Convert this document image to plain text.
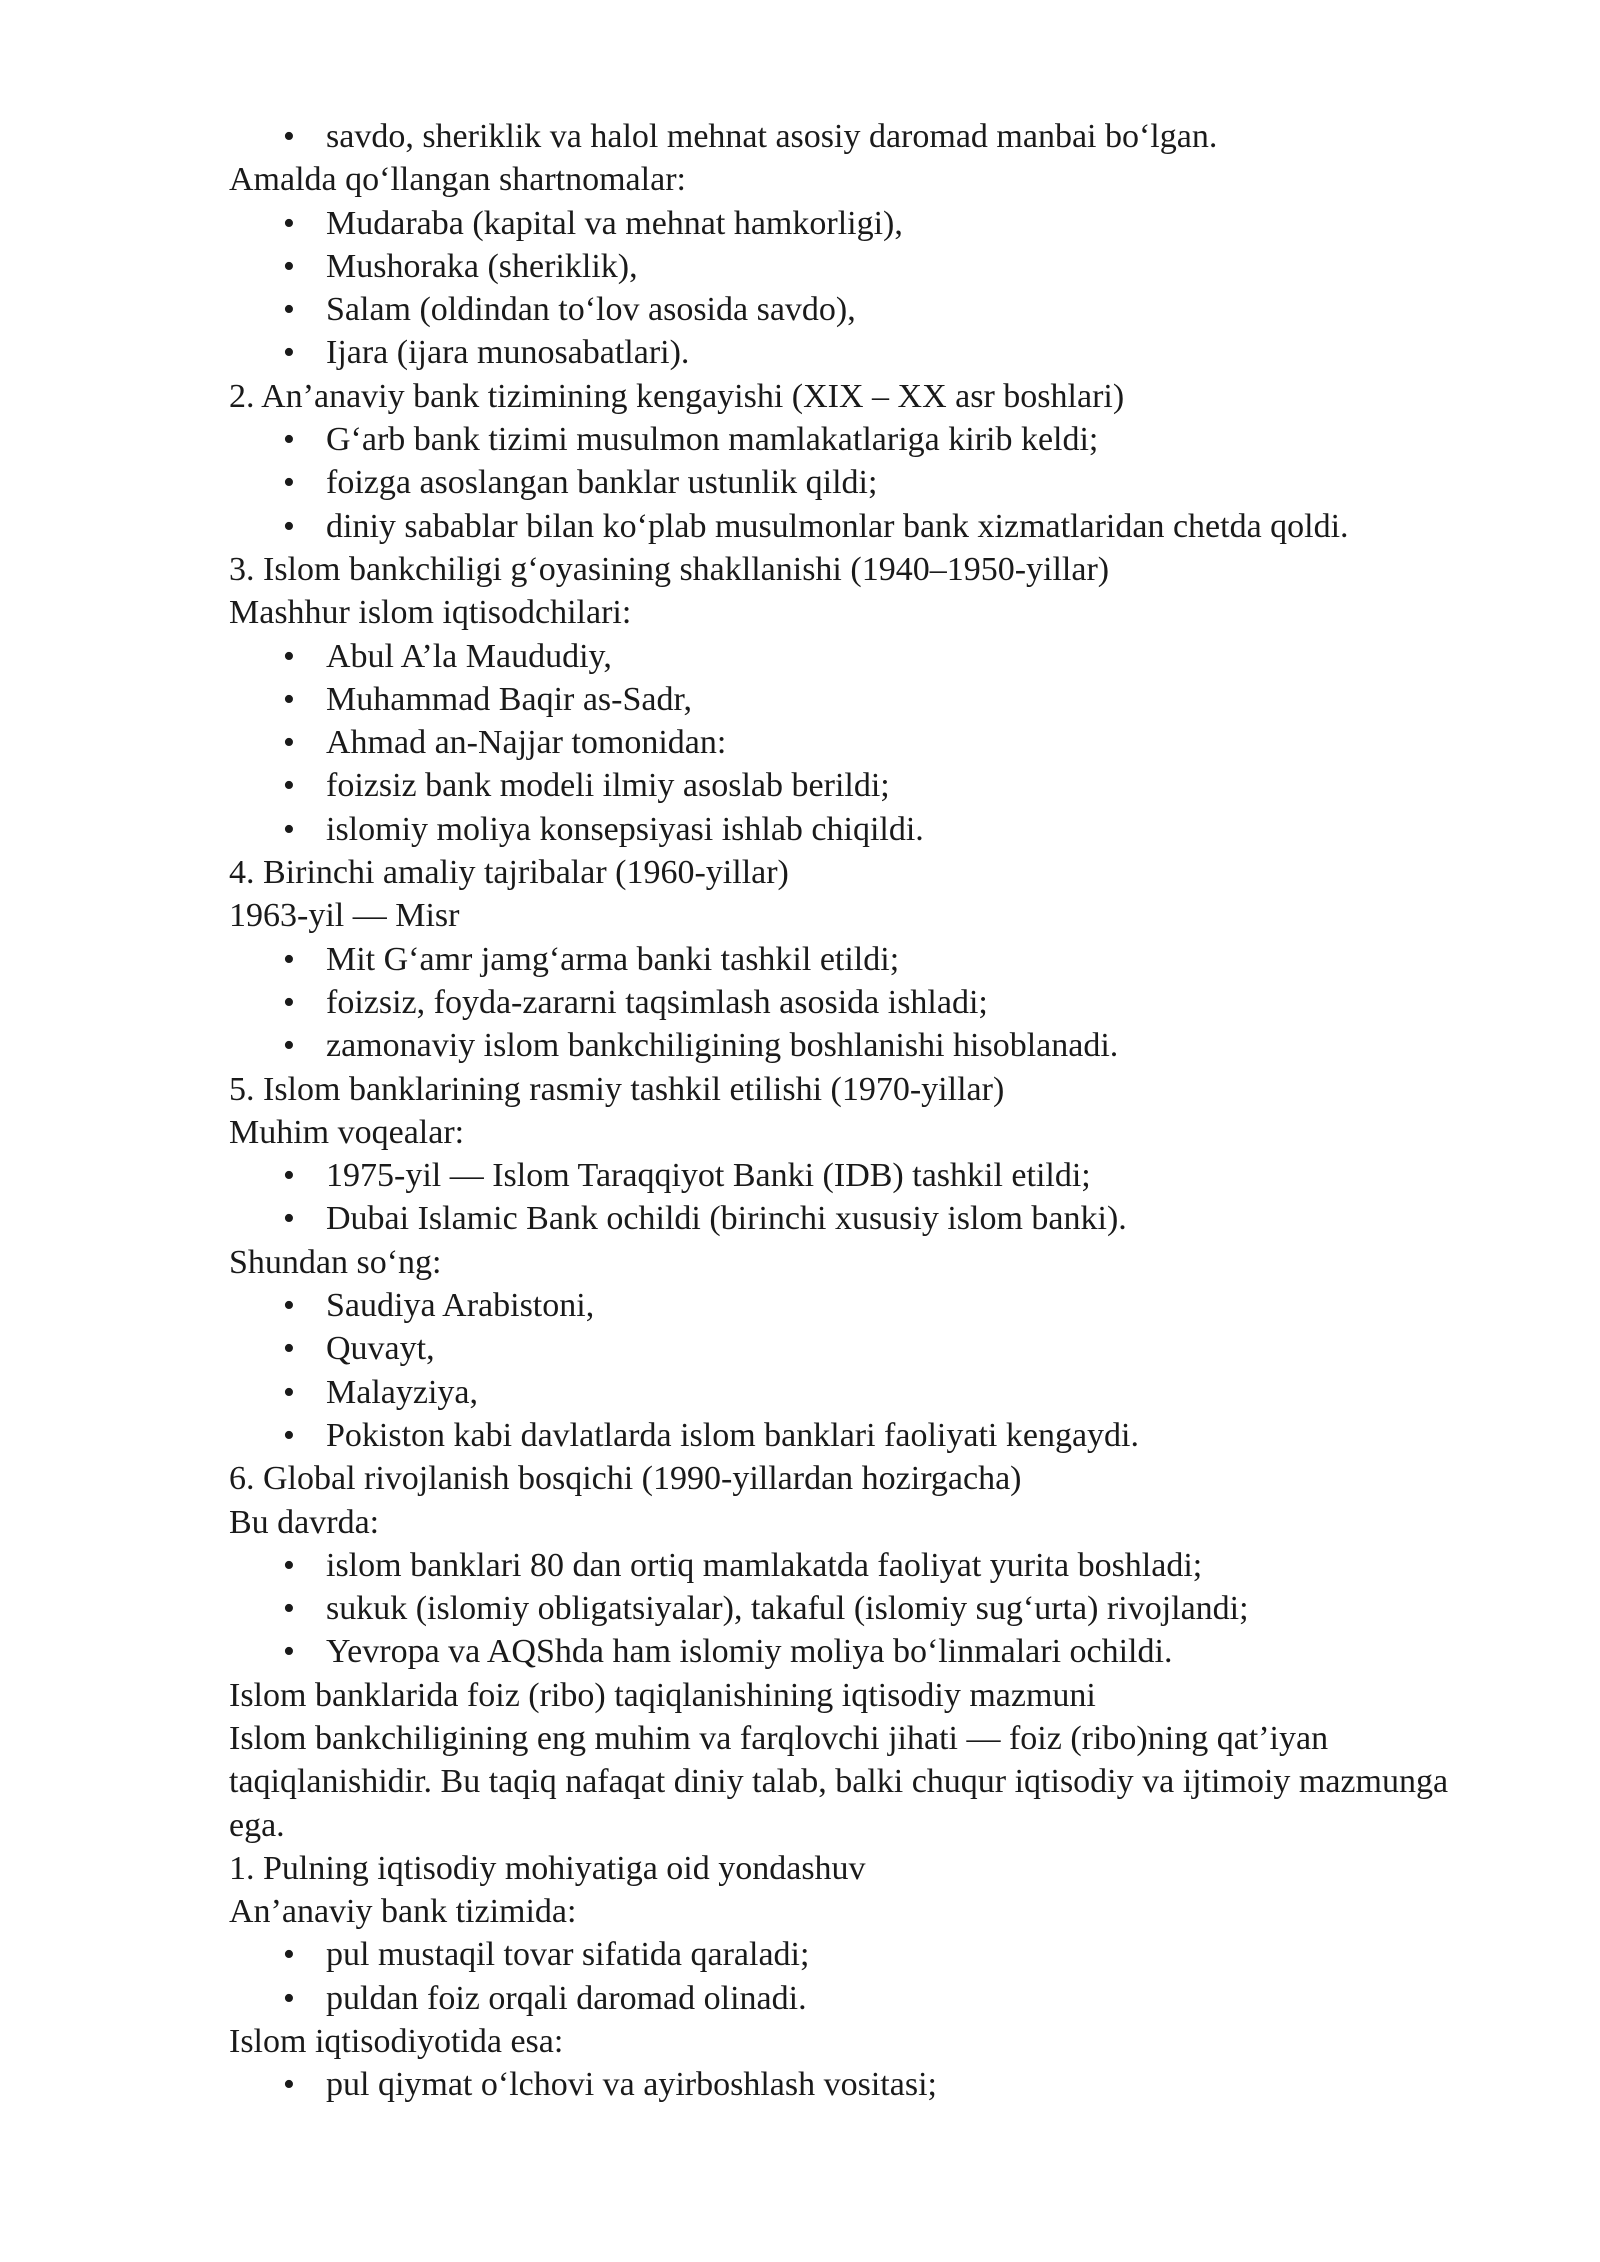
• savdo, sheriklik va halol mehnat asosiy daromad manbai bo‘lgan.

Amalda qo‘llangan shartnomalar:

• Mudaraba (kapital va mehnat hamkorligi),
• Mushoraka (sheriklik),
• Salam (oldindan to‘lov asosida savdo),
• Ijara (ijara munosabatlari).

2. An’anaviy bank tizimining kengayishi (XIX – XX asr boshlari)

• G‘arb bank tizimi musulmon mamlakatlariga kirib keldi;
• foizga asoslangan banklar ustunlik qildi;
• diniy sabablar bilan ko‘plab musulmonlar bank xizmatlaridan chetda qoldi.

3. Islom bankchiligi g‘oyasining shakllanishi (1940–1950-yillar)

Mashhur islom iqtisodchilari:

• Abul A’la Maududiy,
• Muhammad Baqir as-Sadr,
• Ahmad an-Najjar tomonidan:
• foizsiz bank modeli ilmiy asoslab berildi;
• islomiy moliya konsepsiyasi ishlab chiqildi.

4. Birinchi amaliy tajribalar (1960-yillar)

1963-yil — Misr

• Mit G‘amr jamg‘arma banki tashkil etildi;
• foizsiz, foyda-zararni taqsimlash asosida ishladi;
• zamonaviy islom bankchiligining boshlanishi hisoblanadi.

5. Islom banklarining rasmiy tashkil etilishi (1970-yillar)

Muhim voqealar:

• 1975-yil — Islom Taraqqiyot Banki (IDB) tashkil etildi;
• Dubai Islamic Bank ochildi (birinchi xususiy islom banki).

Shundan so‘ng:

• Saudiya Arabistoni,
• Quvayt,
• Malayziya,
• Pokiston kabi davlatlarda islom banklari faoliyati kengaydi.

6. Global rivojlanish bosqichi (1990-yillardan hozirgacha)

Bu davrda:

• islom banklari 80 dan ortiq mamlakatda faoliyat yurita boshladi;
• sukuk (islomiy obligatsiyalar), takaful (islomiy sug‘urta) rivojlandi;
• Yevropa va AQShda ham islomiy moliya bo‘linmalari ochildi.

Islom banklarida foiz (ribo) taqiqlanishining iqtisodiy mazmuni

Islom bankchiligining eng muhim va farqlovchi jihati — foiz (ribo)ning qat’iyan taqiqlanishidir. Bu taqiq nafaqat diniy talab, balki chuqur iqtisodiy va ijtimoiy mazmunga ega.

1. Pulning iqtisodiy mohiyatiga oid yondashuv

An’anaviy bank tizimida:

• pul mustaqil tovar sifatida qaraladi;
• puldan foiz orqali daromad olinadi.

Islom iqtisodiyotida esa:

• pul qiymat o‘lchovi va ayirboshlash vositasi;
